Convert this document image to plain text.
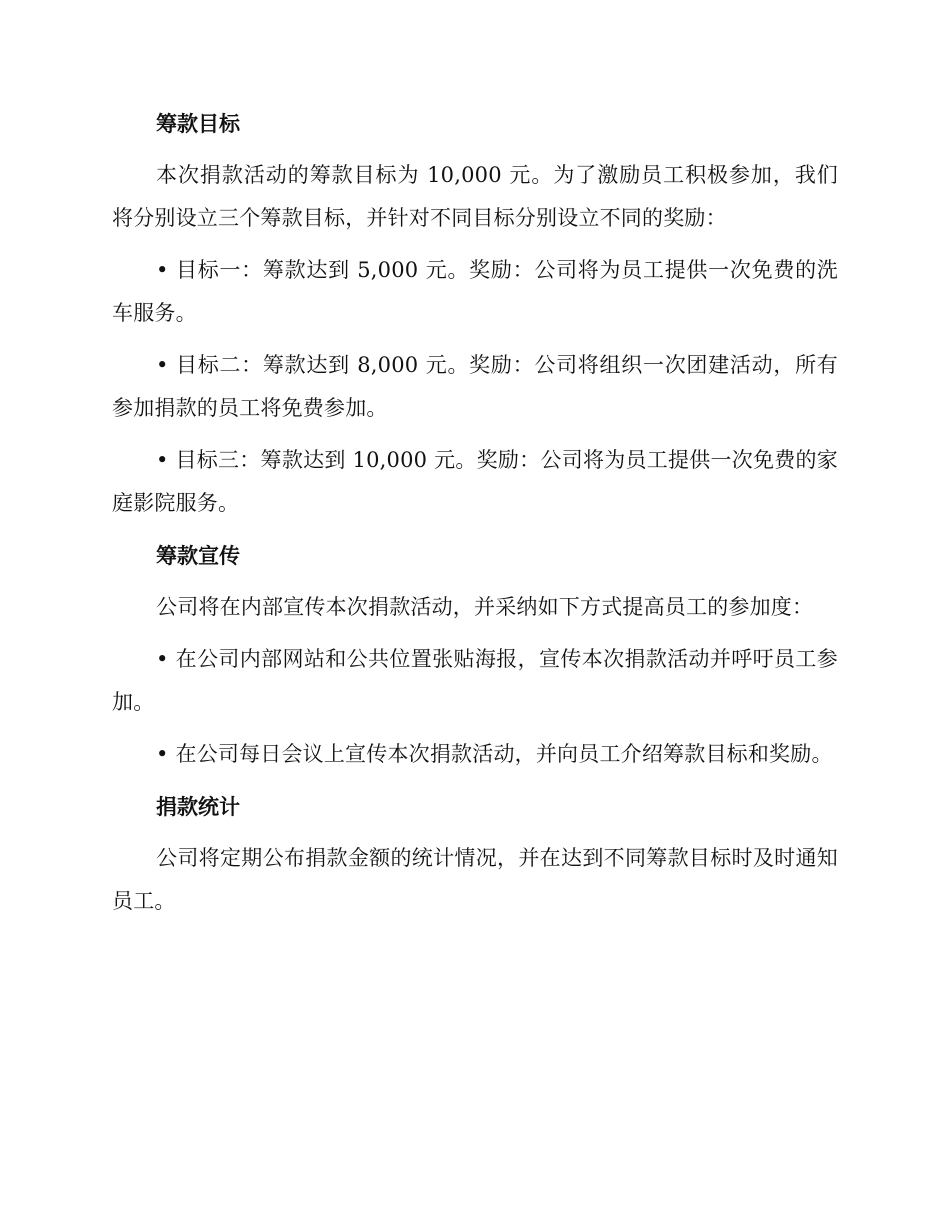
筹款目标

本次捐款活动的筹款目标为 10,000 元。为了激励员工积极参加，我们将分别设立三个筹款目标，并针对不同目标分别设立不同的奖励：

• 目标一：筹款达到 5,000 元。奖励：公司将为员工提供一次免费的洗车服务。

• 目标二：筹款达到 8,000 元。奖励：公司将组织一次团建活动，所有参加捐款的员工将免费参加。

• 目标三：筹款达到 10,000 元。奖励：公司将为员工提供一次免费的家庭影院服务。

筹款宣传

公司将在内部宣传本次捐款活动，并采纳如下方式提高员工的参加度：

• 在公司内部网站和公共位置张贴海报，宣传本次捐款活动并呼吁员工参加。

• 在公司每日会议上宣传本次捐款活动，并向员工介绍筹款目标和奖励。

捐款统计

公司将定期公布捐款金额的统计情况，并在达到不同筹款目标时及时通知员工。
